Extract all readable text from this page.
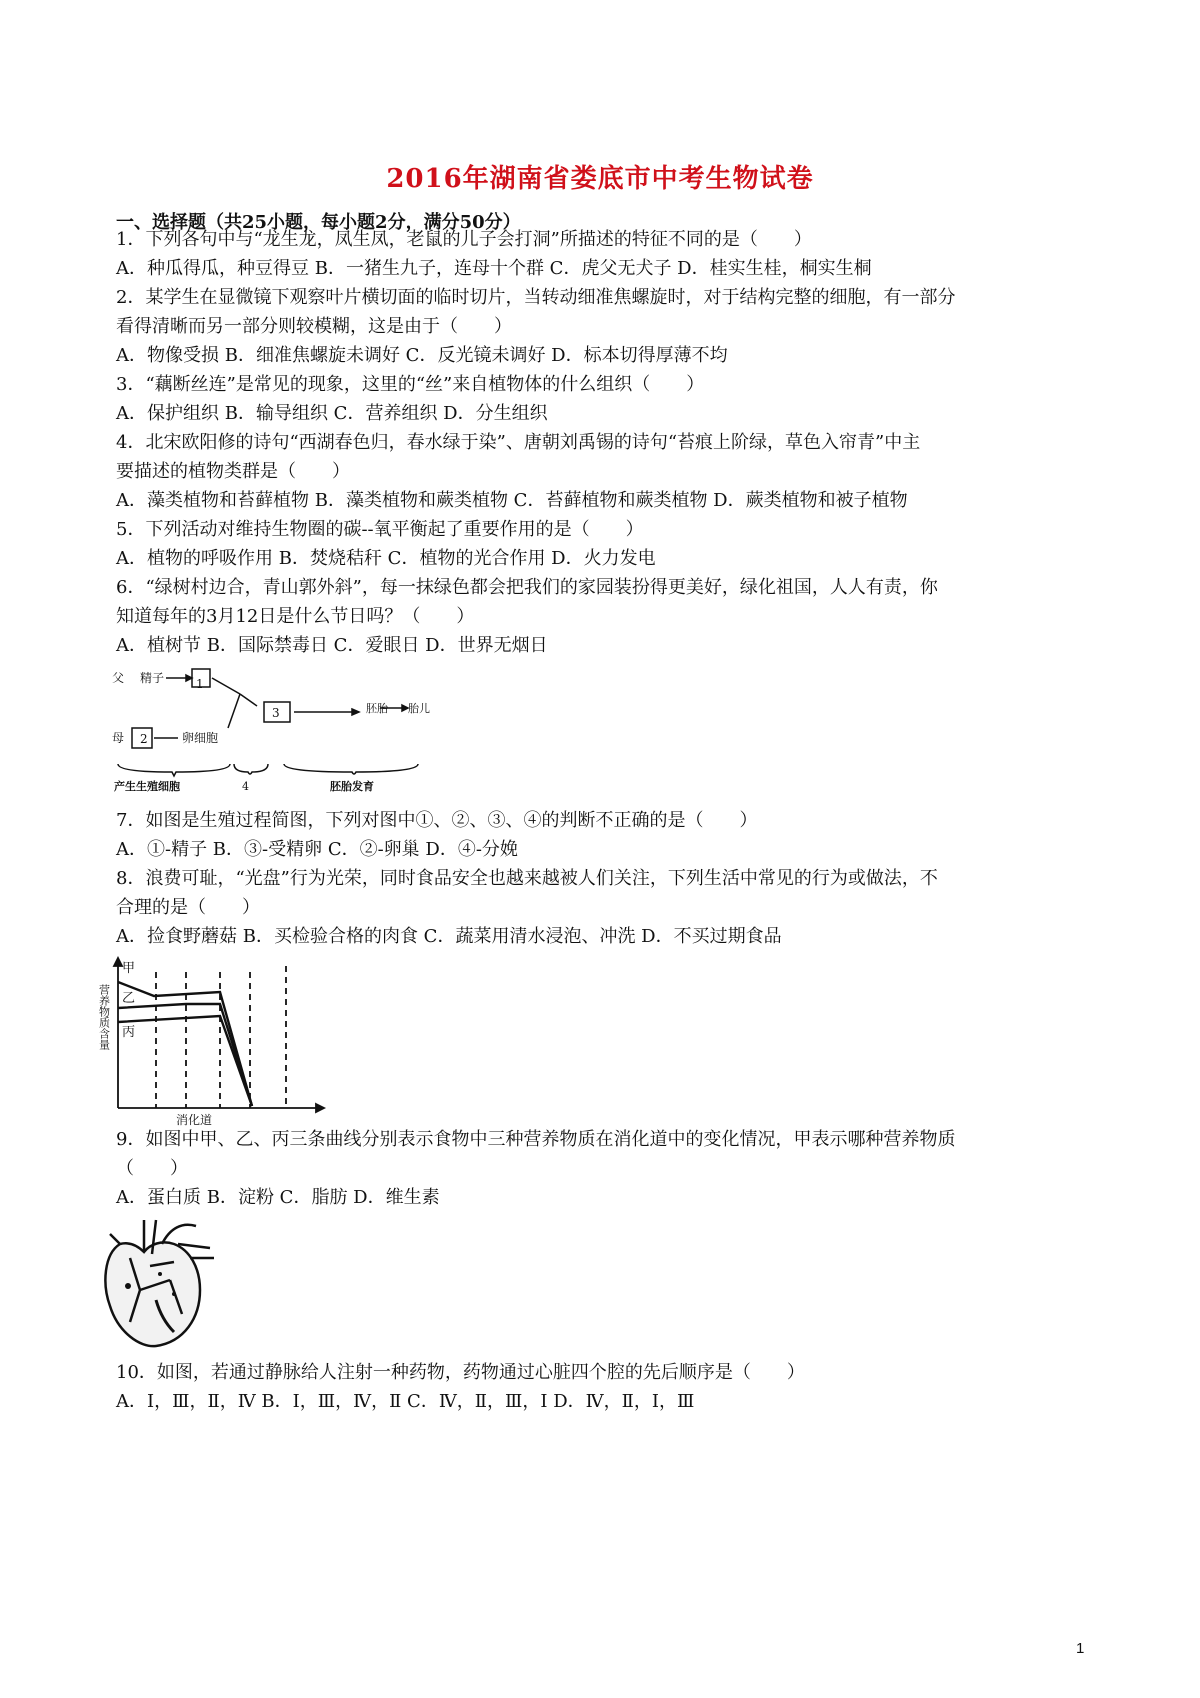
2016年湖南省娄底市中考生物试卷
一、选择题（共25小题，每小题2分，满分50分）
1．下列各句中与“龙生龙，凤生凤，老鼠的儿子会打洞”所描述的特征不同的是（　　）
A．种瓜得瓜，种豆得豆 B．一猪生九子，连母十个群 C．虎父无犬子 D．桂实生桂，桐实生桐
2．某学生在显微镜下观察叶片横切面的临时切片，当转动细准焦螺旋时，对于结构完整的细胞，有一部分
看得清晰而另一部分则较模糊，这是由于（　　）
A．物像受损 B．细准焦螺旋未调好 C．反光镜未调好 D．标本切得厚薄不均
3．“藕断丝连”是常见的现象，这里的“丝”来自植物体的什么组织（　　）
A．保护组织 B．输导组织 C．营养组织 D．分生组织
4．北宋欧阳修的诗句“西湖春色归，春水绿于染”、唐朝刘禹锡的诗句“苔痕上阶绿，草色入帘青”中主
要描述的植物类群是（　　）
A．藻类植物和苔藓植物 B．藻类植物和蕨类植物 C．苔藓植物和蕨类植物 D．蕨类植物和被子植物
5．下列活动对维持生物圈的碳--氧平衡起了重要作用的是（　　）
A．植物的呼吸作用 B．焚烧秸秆 C．植物的光合作用 D．火力发电
6．“绿树村边合，青山郭外斜”，每一抹绿色都会把我们的家园装扮得更美好，绿化祖国，人人有责，你
知道每年的3月12日是什么节日吗？（　　）
A．植树节 B．国际禁毒日 C．爱眼日 D．世界无烟日
父 精子
母	卵细胞
1
2
3	胚胎 胎儿
产生生殖细胞	4	胚胎发育
7．如图是生殖过程简图，下列对图中①、②、③、④的判断不正确的是（　　）
A．①-精子 B．③-受精卵 C．②-卵巢 D．④-分娩
8．浪费可耻，“光盘”行为光荣，同时食品安全也越来越被人们关注，下列生活中常见的行为或做法，不
合理的是（　　）
A．捡食野蘑菇 B．买检验合格的肉食 C．蔬菜用清水浸泡、冲洗 D．不买过期食品
甲
乙
丙
营养物质含量
消化道
9．如图中甲、乙、丙三条曲线分别表示食物中三种营养物质在消化道中的变化情况，甲表示哪种营养物质
（　　）
A．蛋白质 B．淀粉 C．脂肪 D．维生素
10．如图，若通过静脉给人注射一种药物，药物通过心脏四个腔的先后顺序是（　　）
A．Ⅰ，Ⅲ，Ⅱ，Ⅳ B．Ⅰ，Ⅲ，Ⅳ，Ⅱ C．Ⅳ，Ⅱ，Ⅲ，Ⅰ D．Ⅳ，Ⅱ，Ⅰ，Ⅲ
1
